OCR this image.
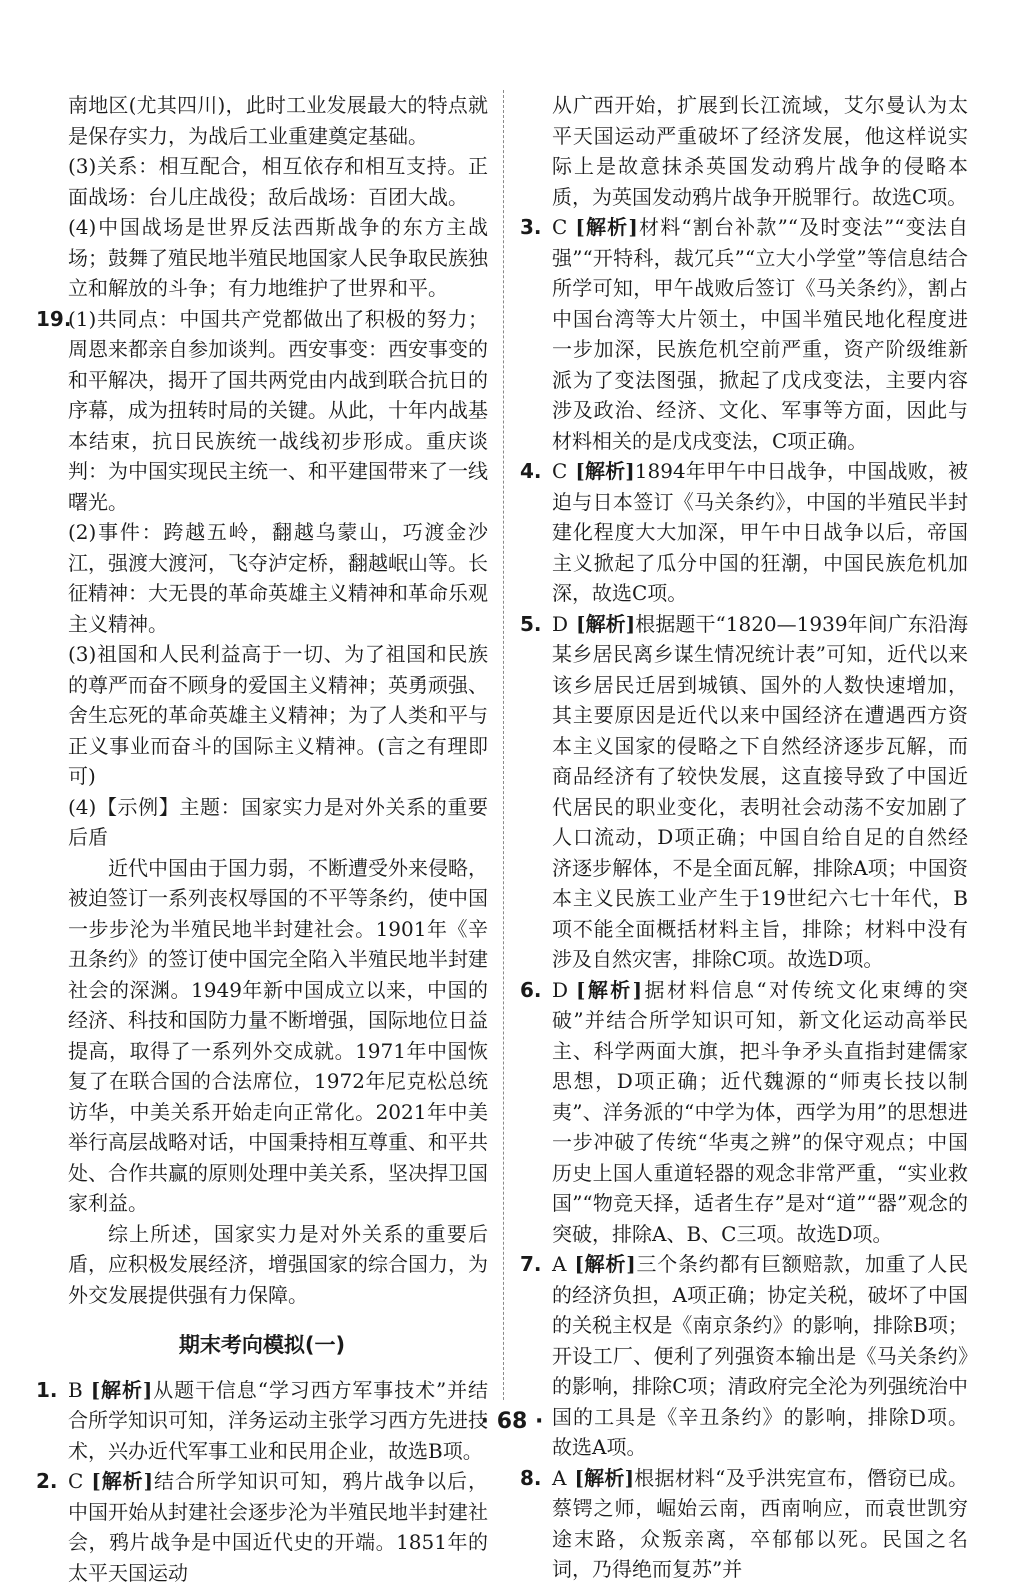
南地区(尤其四川)，此时工业发展最大的特点就是保存实力，为战后工业重建奠定基础。

(3)关系：相互配合，相互依存和相互支持。正面战场：台儿庄战役；敌后战场：百团大战。

(4)中国战场是世界反法西斯战争的东方主战场；鼓舞了殖民地半殖民地国家人民争取民族独立和解放的斗争；有力地维护了世界和平。

19.

(1)共同点：中国共产党都做出了积极的努力；周恩来都亲自参加谈判。西安事变：西安事变的和平解决，揭开了国共两党由内战到联合抗日的序幕，成为扭转时局的关键。从此，十年内战基本结束，抗日民族统一战线初步形成。重庆谈判：为中国实现民主统一、和平建国带来了一线曙光。

(2)事件：跨越五岭，翻越乌蒙山，巧渡金沙江，强渡大渡河，飞夺泸定桥，翻越岷山等。长征精神：大无畏的革命英雄主义精神和革命乐观主义精神。

(3)祖国和人民利益高于一切、为了祖国和民族的尊严而奋不顾身的爱国主义精神；英勇顽强、舍生忘死的革命英雄主义精神；为了人类和平与正义事业而奋斗的国际主义精神。(言之有理即可)

(4)【示例】主题：国家实力是对外关系的重要后盾

近代中国由于国力弱，不断遭受外来侵略，被迫签订一系列丧权辱国的不平等条约，使中国一步步沦为半殖民地半封建社会。1901年《辛丑条约》的签订使中国完全陷入半殖民地半封建社会的深渊。1949年新中国成立以来，中国的经济、科技和国防力量不断增强，国际地位日益提高，取得了一系列外交成就。1971年中国恢复了在联合国的合法席位，1972年尼克松总统访华，中美关系开始走向正常化。2021年中美举行高层战略对话，中国秉持相互尊重、和平共处、合作共赢的原则处理中美关系，坚决捍卫国家利益。

综上所述，国家实力是对外关系的重要后盾，应积极发展经济，增强国家的综合国力，为外交发展提供强有力保障。

期末考向模拟(一)
1. B [解析]从题干信息“学习西方军事技术”并结合所学知识可知，洋务运动主张学习西方先进技术，兴办近代军事工业和民用企业，故选B项。
2. C [解析]结合所学知识可知，鸦片战争以后，中国开始从封建社会逐步沦为半殖民地半封建社会，鸦片战争是中国近代史的开端。1851年的太平天国运动

从广西开始，扩展到长江流域，艾尔曼认为太平天国运动严重破坏了经济发展，他这样说实际上是故意抹杀英国发动鸦片战争的侵略本质，为英国发动鸦片战争开脱罪行。故选C项。

3. C [解析]材料“割台补款”“及时变法”“变法自强”“开特科，裁冗兵”“立大小学堂”等信息结合所学可知，甲午战败后签订《马关条约》，割占中国台湾等大片领土，中国半殖民地化程度进一步加深，民族危机空前严重，资产阶级维新派为了变法图强，掀起了戊戌变法，主要内容涉及政治、经济、文化、军事等方面，因此与材料相关的是戊戌变法，C项正确。
4. C [解析]1894年甲午中日战争，中国战败，被迫与日本签订《马关条约》，中国的半殖民半封建化程度大大加深，甲午中日战争以后，帝国主义掀起了瓜分中国的狂潮，中国民族危机加深，故选C项。
5. D [解析]根据题干“1820—1939年间广东沿海某乡居民离乡谋生情况统计表”可知，近代以来该乡居民迁居到城镇、国外的人数快速增加，其主要原因是近代以来中国经济在遭遇西方资本主义国家的侵略之下自然经济逐步瓦解，而商品经济有了较快发展，这直接导致了中国近代居民的职业变化，表明社会动荡不安加剧了人口流动，D项正确；中国自给自足的自然经济逐步解体，不是全面瓦解，排除A项；中国资本主义民族工业产生于19世纪六七十年代，B项不能全面概括材料主旨，排除；材料中没有涉及自然灾害，排除C项。故选D项。
6. D [解析]据材料信息“对传统文化束缚的突破”并结合所学知识可知，新文化运动高举民主、科学两面大旗，把斗争矛头直指封建儒家思想，D项正确；近代魏源的“师夷长技以制夷”、洋务派的“中学为体，西学为用”的思想进一步冲破了传统“华夷之辨”的保守观点；中国历史上国人重道轻器的观念非常严重，“实业救国”“物竞天择，适者生存”是对“道”“器”观念的突破，排除A、B、C三项。故选D项。
7. A [解析]三个条约都有巨额赔款，加重了人民的经济负担，A项正确；协定关税，破坏了中国的关税主权是《南京条约》的影响，排除B项；开设工厂、便利了列强资本输出是《马关条约》的影响，排除C项；清政府完全沦为列强统治中国的工具是《辛丑条约》的影响，排除D项。故选A项。
8. A [解析]根据材料“及乎洪宪宣布，僭窃已成。蔡锷之师，崛始云南，西南响应，而袁世凯穷途末路，众叛亲离，卒郁郁以死。民国之名词，乃得绝而复苏”并
· 68 ·
